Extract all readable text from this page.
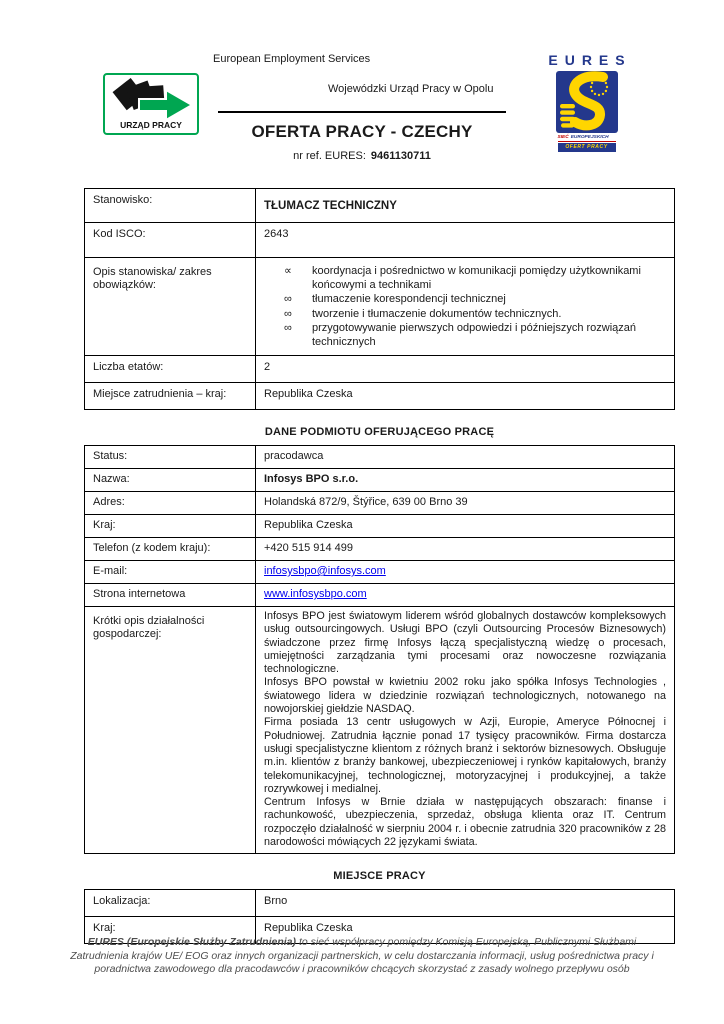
URZĄD PRACY
European Employment Services
Wojewódzki Urząd Pracy w Opolu
OFERTA PRACY - CZECHY
nr ref. EURES: 9461130711
EURES
SIEĆ EUROPEJSKICH
OFERT PRACY
Stanowisko:	TŁUMACZ TECHNICZNY
Kod ISCO:	2643
Opis stanowiska/ zakres obowiązków:	
∝	koordynacja i pośrednictwo w komunikacji pomiędzy użytkownikami końcowymi a technikami
∞	tłumaczenie korespondencji technicznej
∞	tworzenie i tłumaczenie dokumentów technicznych.
∞	przygotowywanie pierwszych odpowiedzi i późniejszych rozwiązań technicznych

Liczba etatów:	2
Miejsce zatrudnienia – kraj:	Republika Czeska
DANE PODMIOTU OFERUJĄCEGO PRACĘ
Status:	pracodawca
Nazwa:	Infosys BPO s.r.o.
Adres:	Holandská 872/9, Štýřice, 639 00 Brno 39
Kraj:	Republika Czeska
Telefon (z kodem kraju):	+420 515 914 499
E-mail:	infosysbpo@infosys.com
Strona internetowa	www.infosysbpo.com
Krótki opis działalności gospodarczej:	Infosys BPO jest światowym liderem wśród globalnych dostawców kompleksowych usług outsourcingowych. Usługi BPO (czyli Outsourcing Procesów Biznesowych) świadczone przez firmę Infosys łączą specjalistyczną wiedzę o procesach, umiejętności zarządzania tymi procesami oraz nowoczesne rozwiązania technologiczne.

Infosys BPO powstał w kwietniu 2002 roku jako spółka Infosys Technologies , światowego lidera w dziedzinie rozwiązań technologicznych, notowanego na nowojorskiej giełdzie NASDAQ.

Firma posiada 13 centr usługowych w Azji, Europie, Ameryce Północnej i Południowej. Zatrudnia łącznie ponad 17 tysięcy pracowników. Firma dostarcza usługi specjalistyczne klientom z różnych branż i sektorów biznesowych. Obsługuje m.in. klientów z branży bankowej, ubezpieczeniowej i rynków kapitałowych, branży telekomunikacyjnej, technologicznej, motoryzacyjnej i produkcyjnej, a także rozrywkowej i medialnej.

Centrum Infosys w Brnie działa w następujących obszarach: finanse i rachunkowość, ubezpieczenia, sprzedaż, obsługa klienta oraz IT. Centrum rozpoczęło działalność w sierpniu 2004 r. i obecnie zatrudnia 320 pracowników z 28 narodowości mówiących 22 językami świata.

MIEJSCE PRACY
Lokalizacja:	Brno
Kraj:	Republika Czeska
EURES (Europejskie Służby Zatrudnienia) to sieć współpracy pomiędzy Komisją Europejską, Publicznymi Służbami Zatrudnienia krajów UE/ EOG oraz innych organizacji partnerskich, w celu dostarczania informacji, usług pośrednictwa pracy i poradnictwa zawodowego dla pracodawców i pracowników chcących skorzystać z zasady wolnego przepływu osób
